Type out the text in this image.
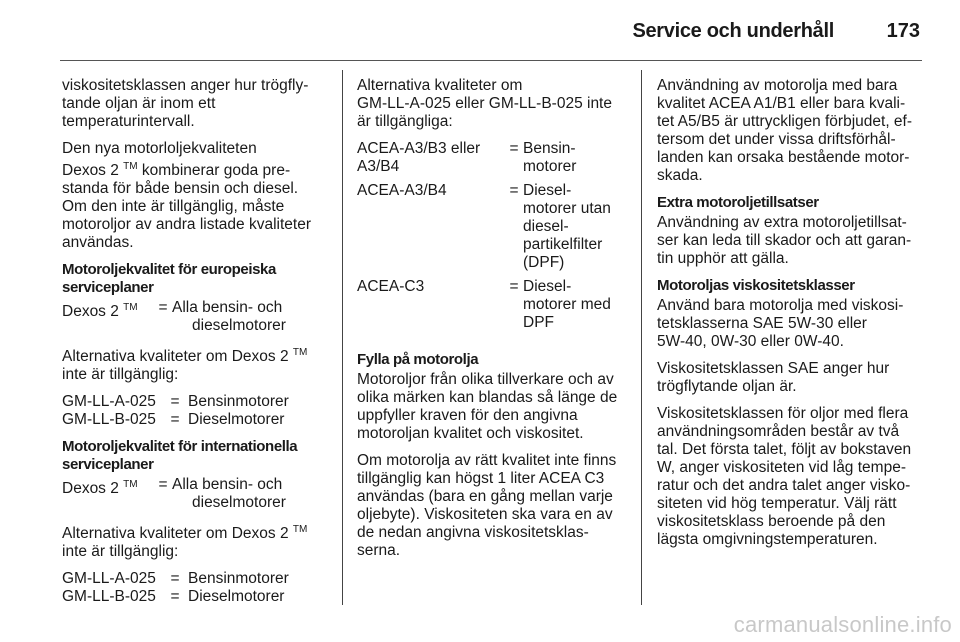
Service och underhåll	173

viskositetsklassen anger hur trögfly-
tande oljan är inom ett
temperaturintervall.

Den nya motorloljekvaliteten
Dexos 2 ™ kombinerar goda pre-
standa för både bensin och diesel.
Om den inte är tillgänglig, måste
motoroljor av andra listade kvaliteter
användas.

Motoroljekvalitet för europeiska
serviceplaner
Dexos 2 ™	= Alla bensin- och
dieselmotorer

Alternativa kvaliteter om Dexos 2 ™
inte är tillgänglig:

GM-LL-A-025 = Bensinmotorer
GM-LL-B-025 = Dieselmotorer
Motoroljekvalitet för internationella
serviceplaner
Dexos 2 ™	= Alla bensin- och
dieselmotorer

Alternativa kvaliteter om Dexos 2 ™
inte är tillgänglig:

GM-LL-A-025 = Bensinmotorer
GM-LL-B-025 = Dieselmotorer

Alternativa kvaliteter om
GM-LL-A-025 eller GM-LL-B-025 inte
är tillgängliga:

ACEA-A3/B3 eller
A3/B4
= Bensin-
motorer
ACEA-A3/B4	= Diesel-
motorer utan
diesel-
partikelfilter
(DPF)
ACEA-C3	= Diesel-
motorer med
DPF
Fylla på motorolja

Motoroljor från olika tillverkare och av
olika märken kan blandas så länge de
uppfyller kraven för den angivna
motoroljan kvalitet och viskositet.

Om motorolja av rätt kvalitet inte finns
tillgänglig kan högst 1 liter ACEA C3
användas (bara en gång mellan varje
oljebyte). Viskositeten ska vara en av
de nedan angivna viskositetsklas-
serna.

Användning av motorolja med bara
kvalitet ACEA A1/B1 eller bara kvali-
tet A5/B5 är uttryckligen förbjudet, ef-
tersom det under vissa driftsförhål-
landen kan orsaka bestående motor-
skada.

Extra motoroljetillsatser

Användning av extra motoroljetillsat-
ser kan leda till skador och att garan-
tin upphör att gälla.

Motoroljas viskositetsklasser

Använd bara motorolja med viskosi-
tetsklasserna SAE 5W-30 eller
5W-40, 0W-30 eller 0W-40.

Viskositetsklassen SAE anger hur
trögflytande oljan är.

Viskositetsklassen för oljor med flera
användningsområden består av två
tal. Det första talet, följt av bokstaven
W, anger viskositeten vid låg tempe-
ratur och det andra talet anger visko-
siteten vid hög temperatur. Välj rätt
viskositetsklass beroende på den
lägsta omgivningstemperaturen.

carmanualsonline.info
